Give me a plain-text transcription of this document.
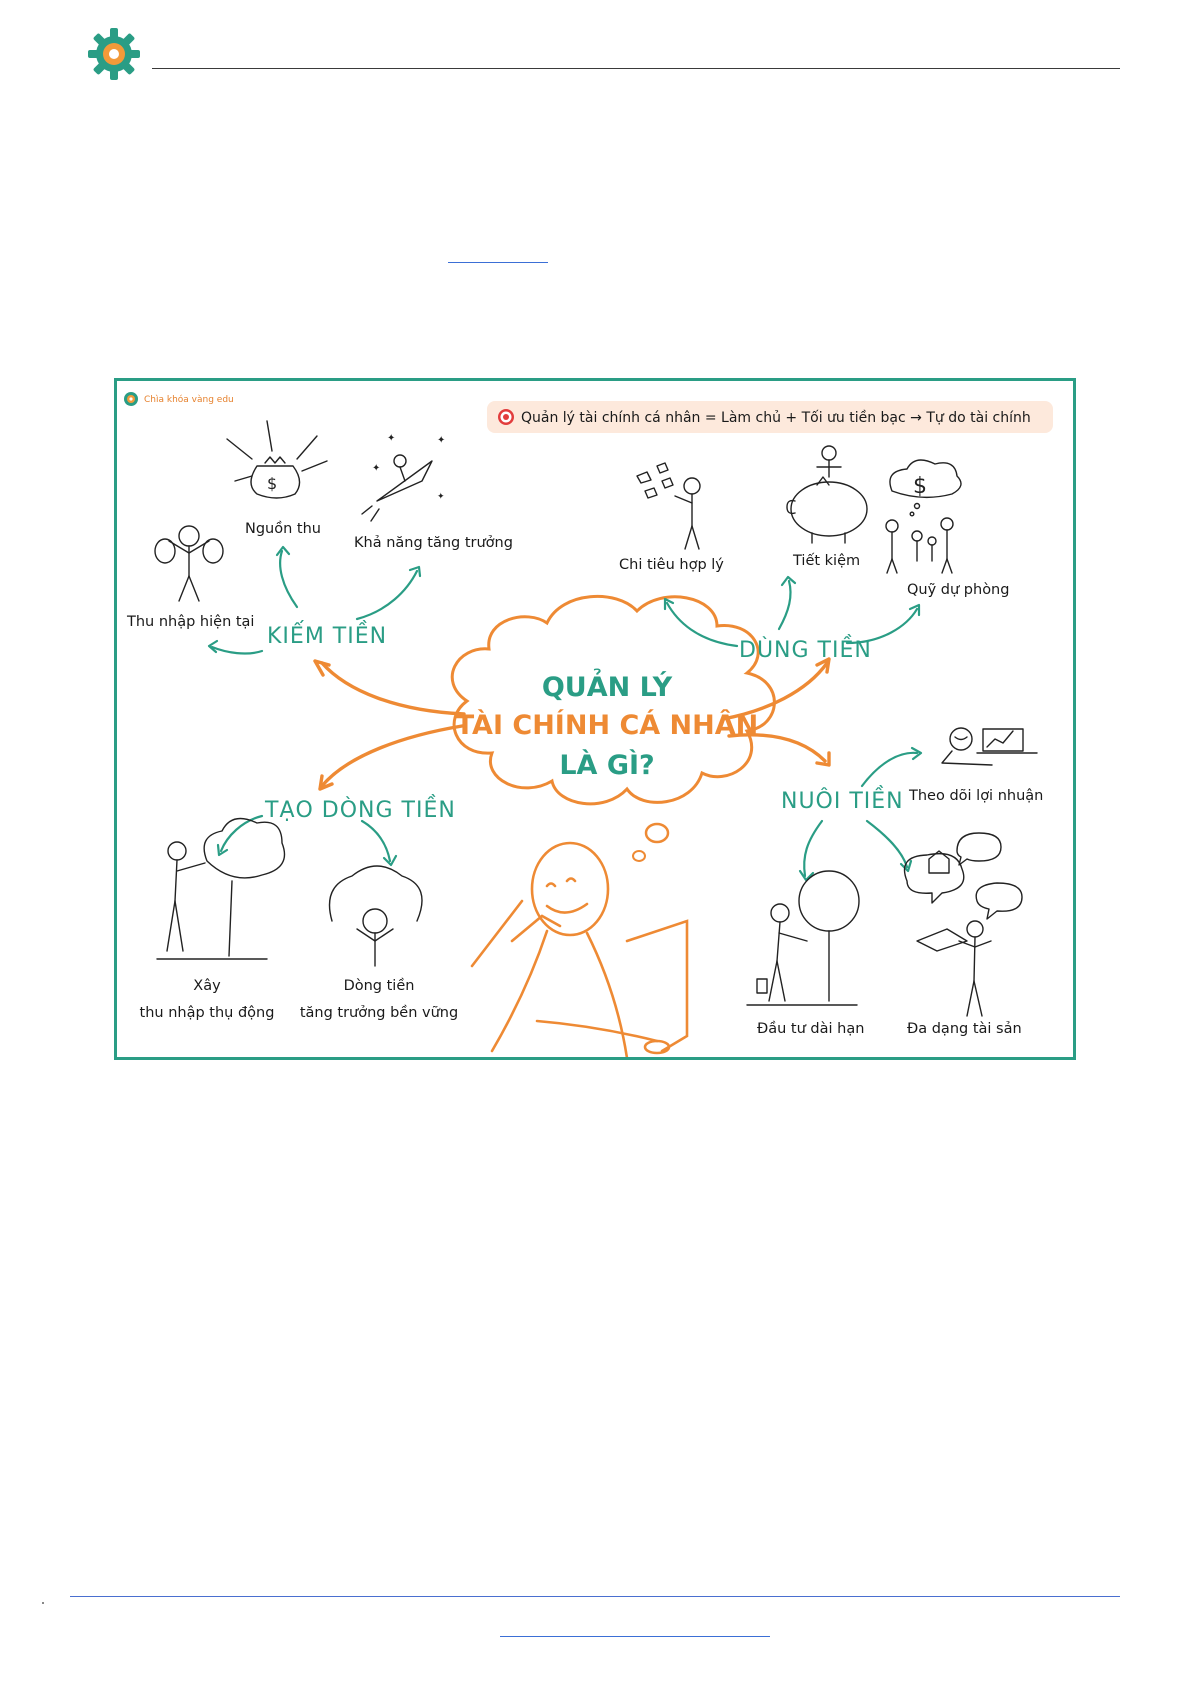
Chìa khóa vàng edu
Quản lý tài chính cá nhân = Làm chủ + Tối ưu tiền bạc → Tự do tài chính
QUẢN LÝ
TÀI CHÍNH CÁ NHÂN
LÀ GÌ?
KIẾM TIỀN
DÙNG TIỀN
TẠO DÒNG TIỀN	NUÔI TIỀN
Thu nhập hiện tại
Nguồn thu
Khả năng tăng trưởng
Chi tiêu hợp lý	Tiết kiệm
Quỹ dự phòng
Xây
thu nhập thụ động
Dòng tiền
tăng trưởng bền vững
Theo dõi lợi nhuận
Đầu tư dài hạn	Đa dạng tài sản
$
✦	✦
✦
✦	$
